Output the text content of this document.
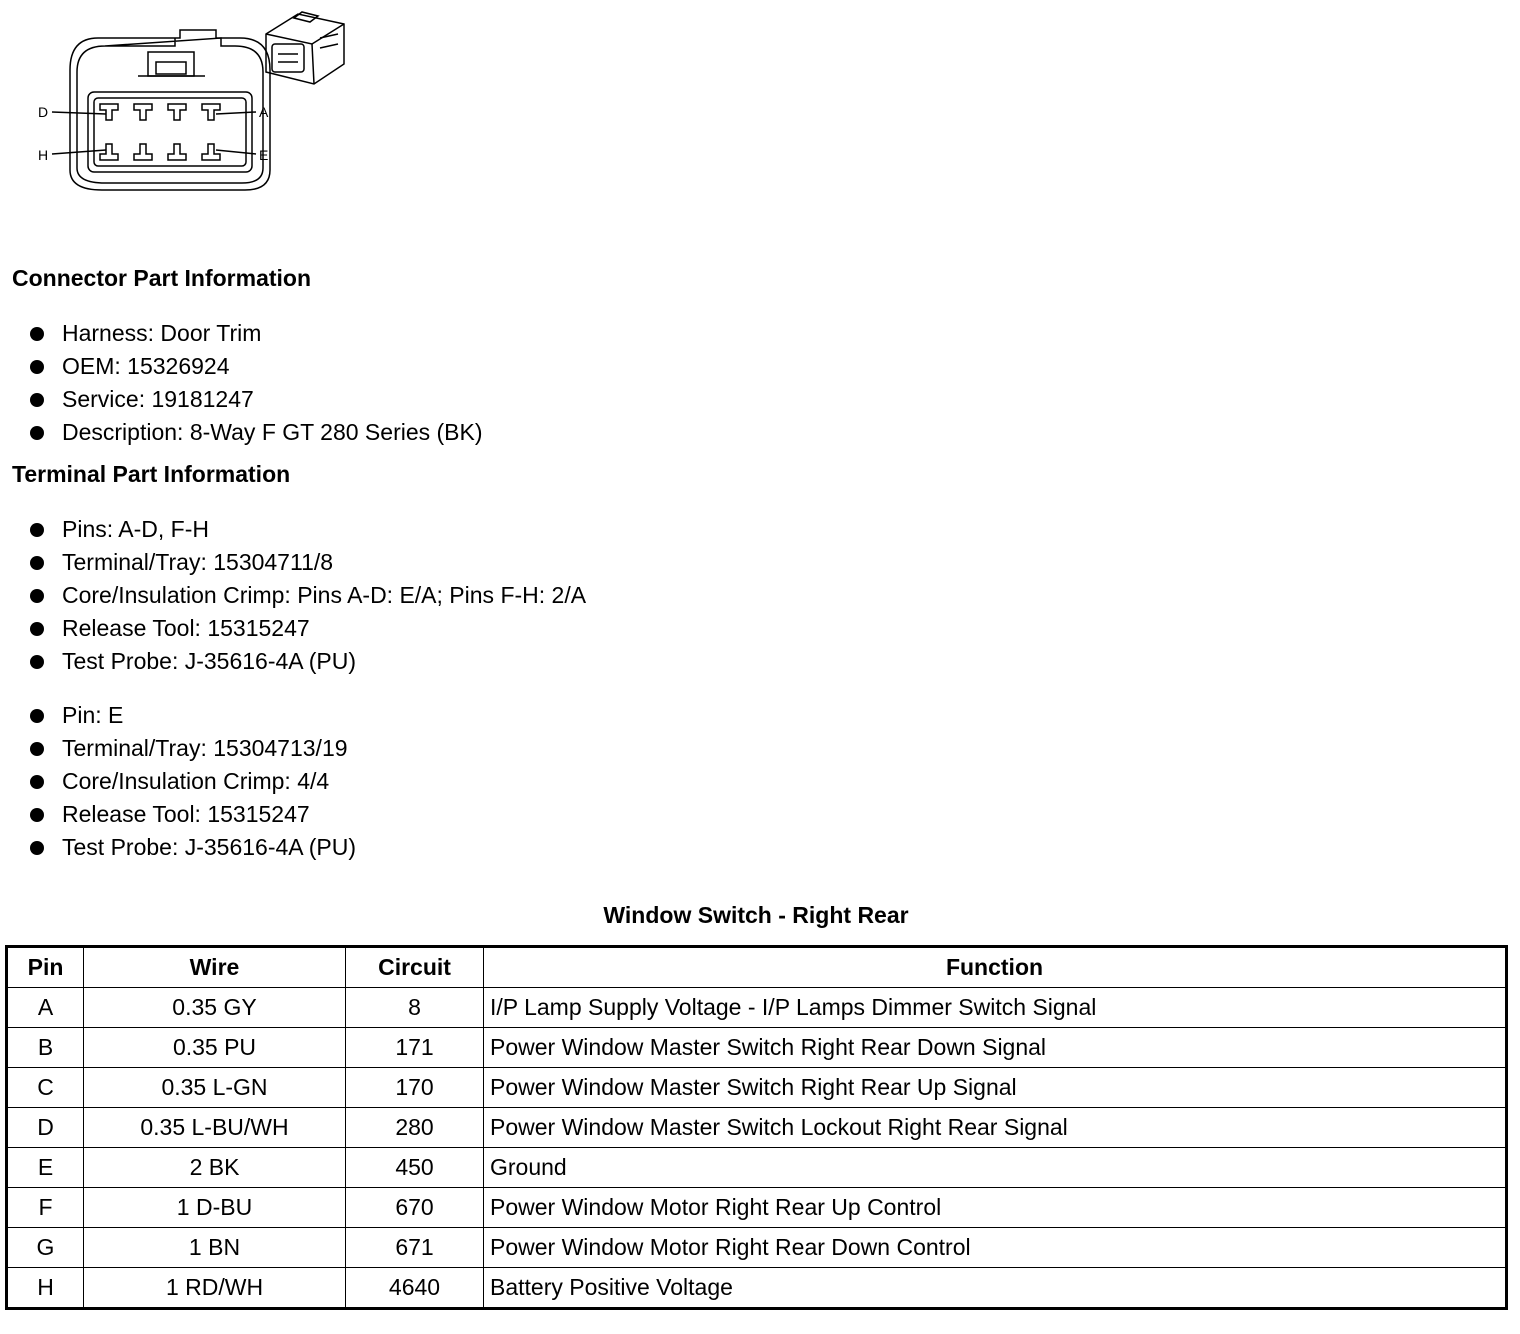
D	A
H	E
Connector Part Information
Harness: Door Trim
OEM: 15326924
Service: 19181247
Description: 8-Way F GT 280 Series (BK)
Terminal Part Information
Pins: A-D, F-H
Terminal/Tray: 15304711/8
Core/Insulation Crimp: Pins A-D: E/A; Pins F-H: 2/A
Release Tool: 15315247
Test Probe: J-35616-4A (PU)
Pin: E
Terminal/Tray: 15304713/19
Core/Insulation Crimp: 4/4
Release Tool: 15315247
Test Probe: J-35616-4A (PU)
Window Switch - Right Rear
Pin	Wire	Circuit	Function
A	0.35 GY	8	I/P Lamp Supply Voltage - I/P Lamps Dimmer Switch Signal
B	0.35 PU	171	Power Window Master Switch Right Rear Down Signal
C	0.35 L-GN	170	Power Window Master Switch Right Rear Up Signal
D	0.35 L-BU/WH	280	Power Window Master Switch Lockout Right Rear Signal
E	2 BK	450	Ground
F	1 D-BU	670	Power Window Motor Right Rear Up Control
G	1 BN	671	Power Window Motor Right Rear Down Control
H	1 RD/WH	4640	Battery Positive Voltage
